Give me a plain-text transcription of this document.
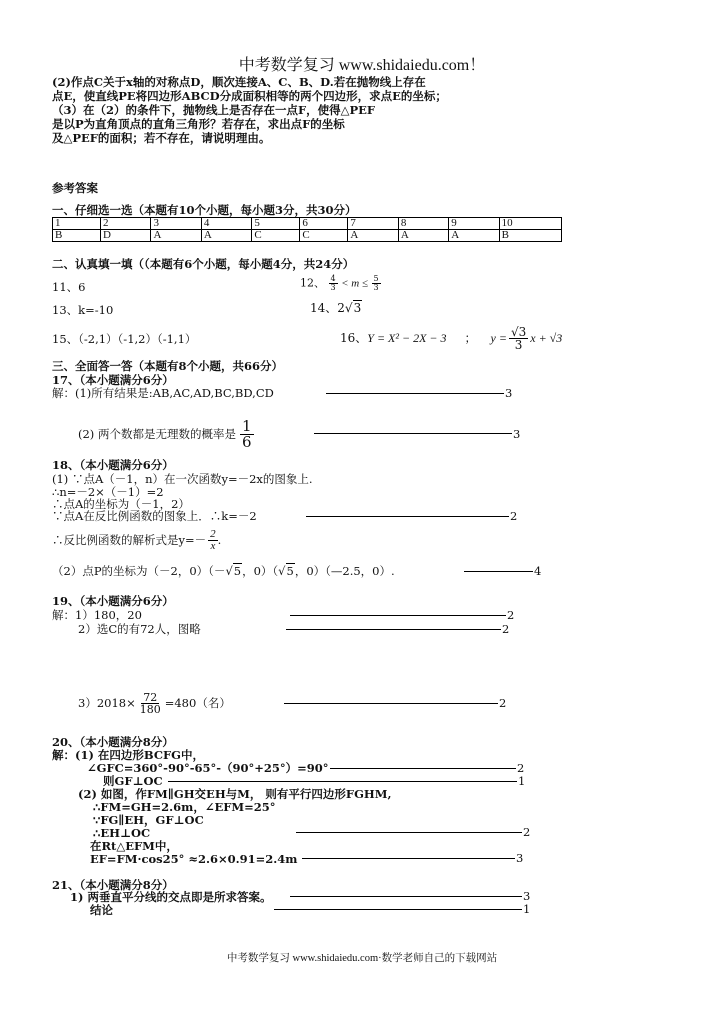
中考数学复习 www.shidaiedu.com！
(2)作点C关于x轴的对称点D，顺次连接A、C、B、D.若在抛物线上存在
点E，使直线PE将四边形ABCD分成面积相等的两个四边形，求点E的坐标；
（3）在（2）的条件下，抛物线上是否存在一点F，使得△PEF
是以P为直角顶点的直角三角形？若存在，求出点F的坐标
及△PEF的面积；若不存在，请说明理由。
参考答案
一、仔细选一选（本题有10个小题，每小题3分，共30分）
1	2	3	4	5	6	7	8	9	10
B	D	A	A	C	C	A	A	A	B
二、认真填一填（（本题有6个小题，每小题4分，共24分）
11、6	12、 $\frac{4}{3} < m \le \frac{5}{3}$
13、k=-10	14、2√3
15、（-2,1）（-1,2）（-1,1）	16、 Y = X² − 2X − 3 ； $y = \frac{√3}{3}$ x + √3
三、全面答一答（本题有8个小题，共66分）
17、（本小题满分6分）
解：(1)所有结果是:AB,AC,AD,BC,BD,CD	3
(2) 两个数都是无理数的概率是 $\frac{1}{6}$	3
18、（本小题满分6分）
(1) ∵点A（－1，n）在一次函数y=－2x的图象上.
∴n=－2×（－1）=2
∴点A的坐标为（－1，2）
∵点A在反比例函数的图象上．∴k=－2	2
∴反比例函数的解析式是$y=- \frac{2}{x}$ .
（2）点P的坐标为（－2，0）（－√5，0）（√5，0）（—2.5，0）.	4
19、（本小题满分6分）
解：1）180，20	2
2）选C的有72人，图略	2
$3)2018\times \frac{72}{180} =480$（名）	2
20、（本小题满分8分）
解：(1) 在四边形BCFG中，
∠GFC=360°-90°-65°-（90°+25°）=90°	2
则GF⊥OC	1
(2) 如图，作FM∥GH交EH与M， 则有平行四边形FGHM,
∴FM=GH=2.6m，∠EFM=25°
∵FG∥EH，GF⊥OC
∴EH⊥OC	2
在Rt△EFM中，
EF=FM·cos25° ≈2.6×0.91=2.4m	3
21、（本小题满分8分）
1) 两垂直平分线的交点即是所求答案。	3
结论	1
中考数学复习 www.shidaiedu.com·数学老师自己的下载网站
